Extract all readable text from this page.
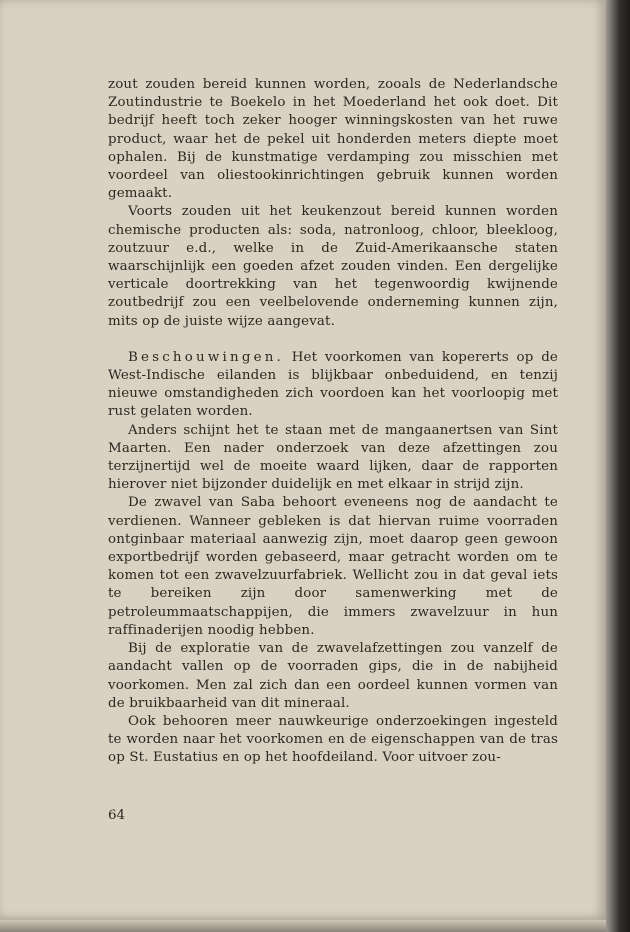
zout zouden bereid kunnen worden, zooals de Nederlandsche Zoutindustrie te Boekelo in het Moederland het ook doet. Dit bedrijf heeft toch zeker hooger winningskosten van het ruwe product, waar het de pekel uit honderden meters diepte moet ophalen. Bij de kunstmatige verdamping zou misschien met voordeel van oliestookinrichtingen gebruik kunnen worden gemaakt.

Voorts zouden uit het keukenzout bereid kunnen worden chemische producten als: soda, natronloog, chloor, bleekloog, zoutzuur e.d., welke in de Zuid-Amerikaansche staten waarschijnlijk een goeden afzet zouden vinden. Een dergelijke verticale doortrekking van het tegenwoordig kwijnende zoutbedrijf zou een veelbelovende onderneming kunnen zijn, mits op de juiste wijze aangevat.

Beschouwingen. Het voorkomen van kopererts op de West-Indische eilanden is blijkbaar onbeduidend, en tenzij nieuwe omstandigheden zich voordoen kan het voorloopig met rust gelaten worden.

Anders schijnt het te staan met de mangaanertsen van Sint Maarten. Een nader onderzoek van deze afzettingen zou terzijnertijd wel de moeite waard lijken, daar de rapporten hierover niet bijzonder duidelijk en met elkaar in strijd zijn.

De zwavel van Saba behoort eveneens nog de aandacht te verdienen. Wanneer gebleken is dat hiervan ruime voorraden ontginbaar materiaal aanwezig zijn, moet daarop geen gewoon exportbedrijf worden gebaseerd, maar getracht worden om te komen tot een zwavelzuurfabriek. Wellicht zou in dat geval iets te bereiken zijn door samenwerking met de petroleummaatschappijen, die immers zwavelzuur in hun raffinaderijen noodig hebben.

Bij de exploratie van de zwavelafzettingen zou vanzelf de aandacht vallen op de voorraden gips, die in de nabijheid voorkomen. Men zal zich dan een oordeel kunnen vormen van de bruikbaarheid van dit mineraal.

Ook behooren meer nauwkeurige onderzoekingen ingesteld te worden naar het voorkomen en de eigenschappen van de tras op St. Eustatius en op het hoofdeiland. Voor uitvoer zou-

64
